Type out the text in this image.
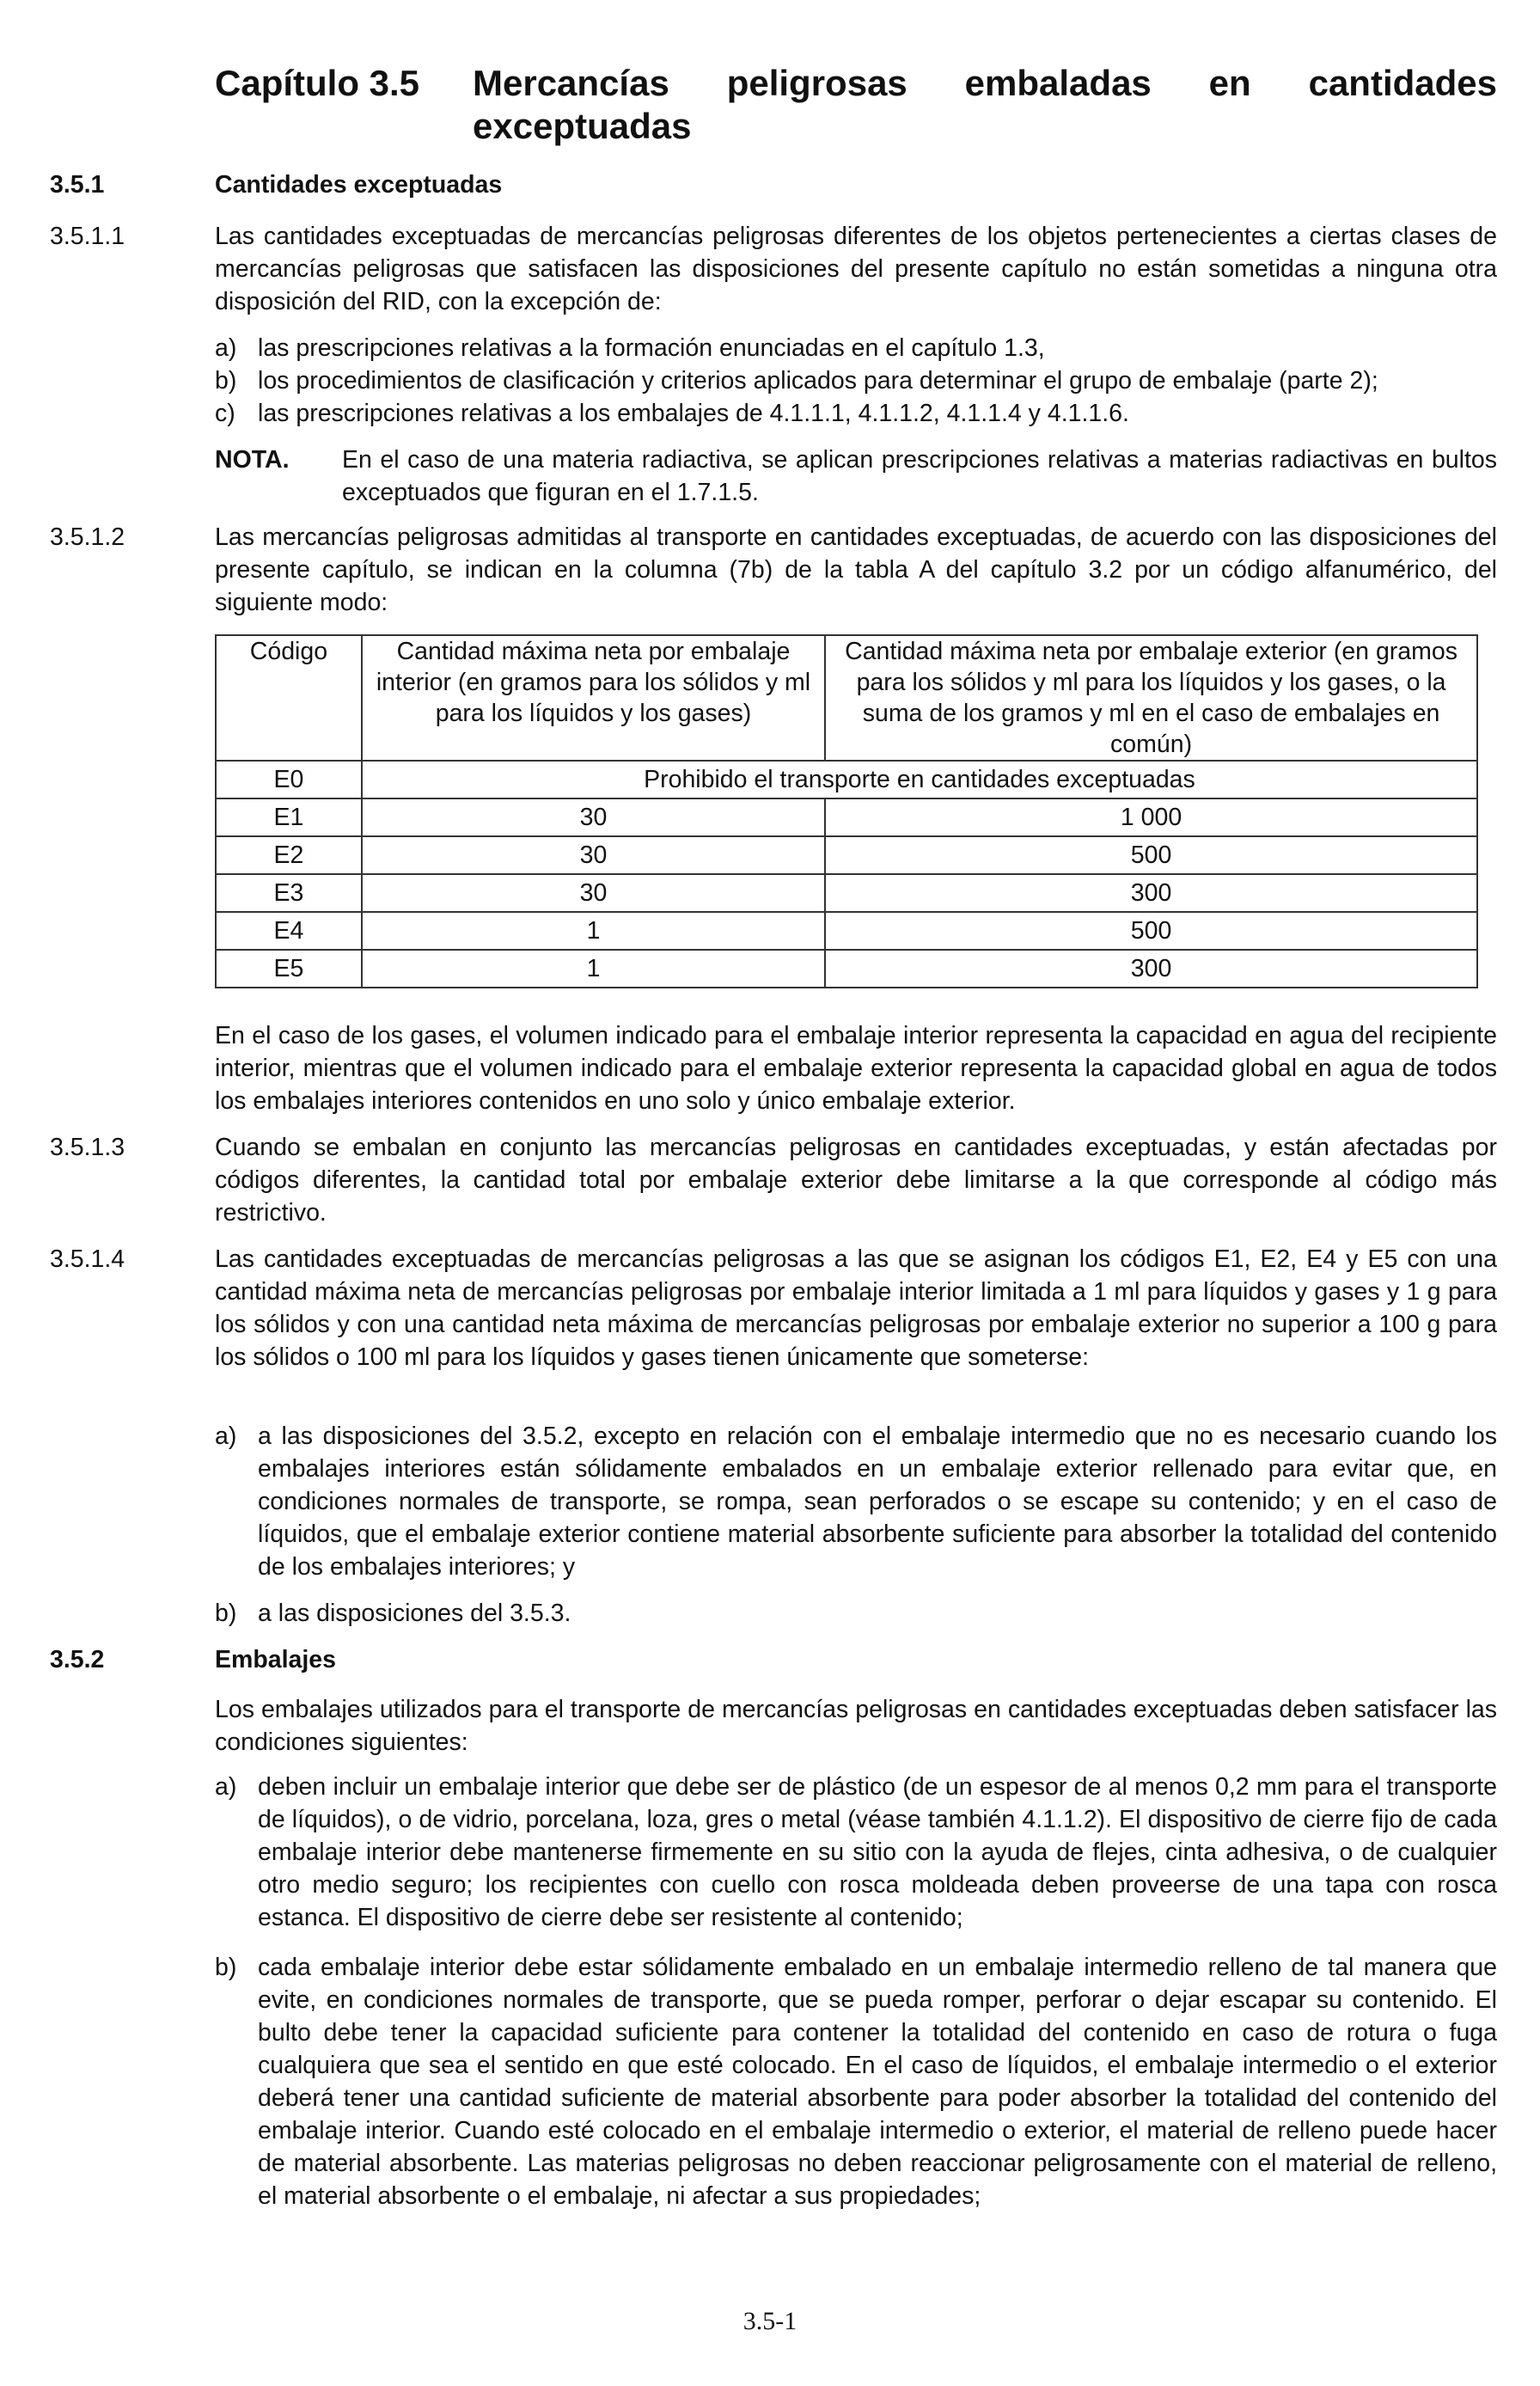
Capítulo 3.5 Mercancías peligrosas embaladas en cantidades exceptuadas
3.5.1	Cantidades exceptuadas
3.5.1.1	Las cantidades exceptuadas de mercancías peligrosas diferentes de los objetos pertenecientes a ciertas clases de mercancías peligrosas que satisfacen las disposiciones del presente capítulo no están sometidas a ninguna otra disposición del RID, con la excepción de:
a) las prescripciones relativas a la formación enunciadas en el capítulo 1.3,
b) los procedimientos de clasificación y criterios aplicados para determinar el grupo de embalaje (parte 2);
c) las prescripciones relativas a los embalajes de 4.1.1.1, 4.1.1.2, 4.1.1.4 y 4.1.1.6.
NOTA. En el caso de una materia radiactiva, se aplican prescripciones relativas a materias radiactivas en bultos exceptuados que figuran en el 1.7.1.5.
3.5.1.2	Las mercancías peligrosas admitidas al transporte en cantidades exceptuadas, de acuerdo con las disposiciones del presente capítulo, se indican en la columna (7b) de la tabla A del capítulo 3.2 por un código alfanumérico, del siguiente modo:
Código	Cantidad máxima neta por embalaje interior (en gramos para los sólidos y ml para los líquidos y los gases)	Cantidad máxima neta por embalaje exterior (en gramos para los sólidos y ml para los líquidos y los gases, o la suma de los gramos y ml en el caso de embalajes en común)
E0	Prohibido el transporte en cantidades exceptuadas	
E1	30	1 000
E2	30	500
E3	30	300
E4	1	500
E5	1	300
En el caso de los gases, el volumen indicado para el embalaje interior representa la capacidad en agua del recipiente interior, mientras que el volumen indicado para el embalaje exterior representa la capacidad global en agua de todos los embalajes interiores contenidos en uno solo y único embalaje exterior.
3.5.1.3	Cuando se embalan en conjunto las mercancías peligrosas en cantidades exceptuadas, y están afectadas por códigos diferentes, la cantidad total por embalaje exterior debe limitarse a la que corresponde al código más restrictivo.
3.5.1.4	Las cantidades exceptuadas de mercancías peligrosas a las que se asignan los códigos E1, E2, E4 y E5 con una cantidad máxima neta de mercancías peligrosas por embalaje interior limitada a 1 ml para líquidos y gases y 1 g para los sólidos y con una cantidad neta máxima de mercancías peligrosas por embalaje exterior no superior a 100 g para los sólidos o 100 ml para los líquidos y gases tienen únicamente que someterse:
a) a las disposiciones del 3.5.2, excepto en relación con el embalaje intermedio que no es necesario cuando los embalajes interiores están sólidamente embalados en un embalaje exterior rellenado para evitar que, en condiciones normales de transporte, se rompa, sean perforados o se escape su contenido; y en el caso de líquidos, que el embalaje exterior contiene material absorbente suficiente para absorber la totalidad del contenido de los embalajes interiores; y
b) a las disposiciones del 3.5.3.
3.5.2	Embalajes
Los embalajes utilizados para el transporte de mercancías peligrosas en cantidades exceptuadas deben satisfacer las condiciones siguientes:
a) deben incluir un embalaje interior que debe ser de plástico (de un espesor de al menos 0,2 mm para el transporte de líquidos), o de vidrio, porcelana, loza, gres o metal (véase también 4.1.1.2). El dispositivo de cierre fijo de cada embalaje interior debe mantenerse firmemente en su sitio con la ayuda de flejes, cinta adhesiva, o de cualquier otro medio seguro; los recipientes con cuello con rosca moldeada deben proveerse de una tapa con rosca estanca. El dispositivo de cierre debe ser resistente al contenido;
b) cada embalaje interior debe estar sólidamente embalado en un embalaje intermedio relleno de tal manera que evite, en condiciones normales de transporte, que se pueda romper, perforar o dejar escapar su contenido. El bulto debe tener la capacidad suficiente para contener la totalidad del contenido en caso de rotura o fuga cualquiera que sea el sentido en que esté colocado. En el caso de líquidos, el embalaje intermedio o el exterior deberá tener una cantidad suficiente de material absorbente para poder absorber la totalidad del contenido del embalaje interior. Cuando esté colocado en el embalaje intermedio o exterior, el material de relleno puede hacer de material absorbente. Las materias peligrosas no deben reaccionar peligrosamente con el material de relleno, el material absorbente o el embalaje, ni afectar a sus propiedades;
3.5-1
